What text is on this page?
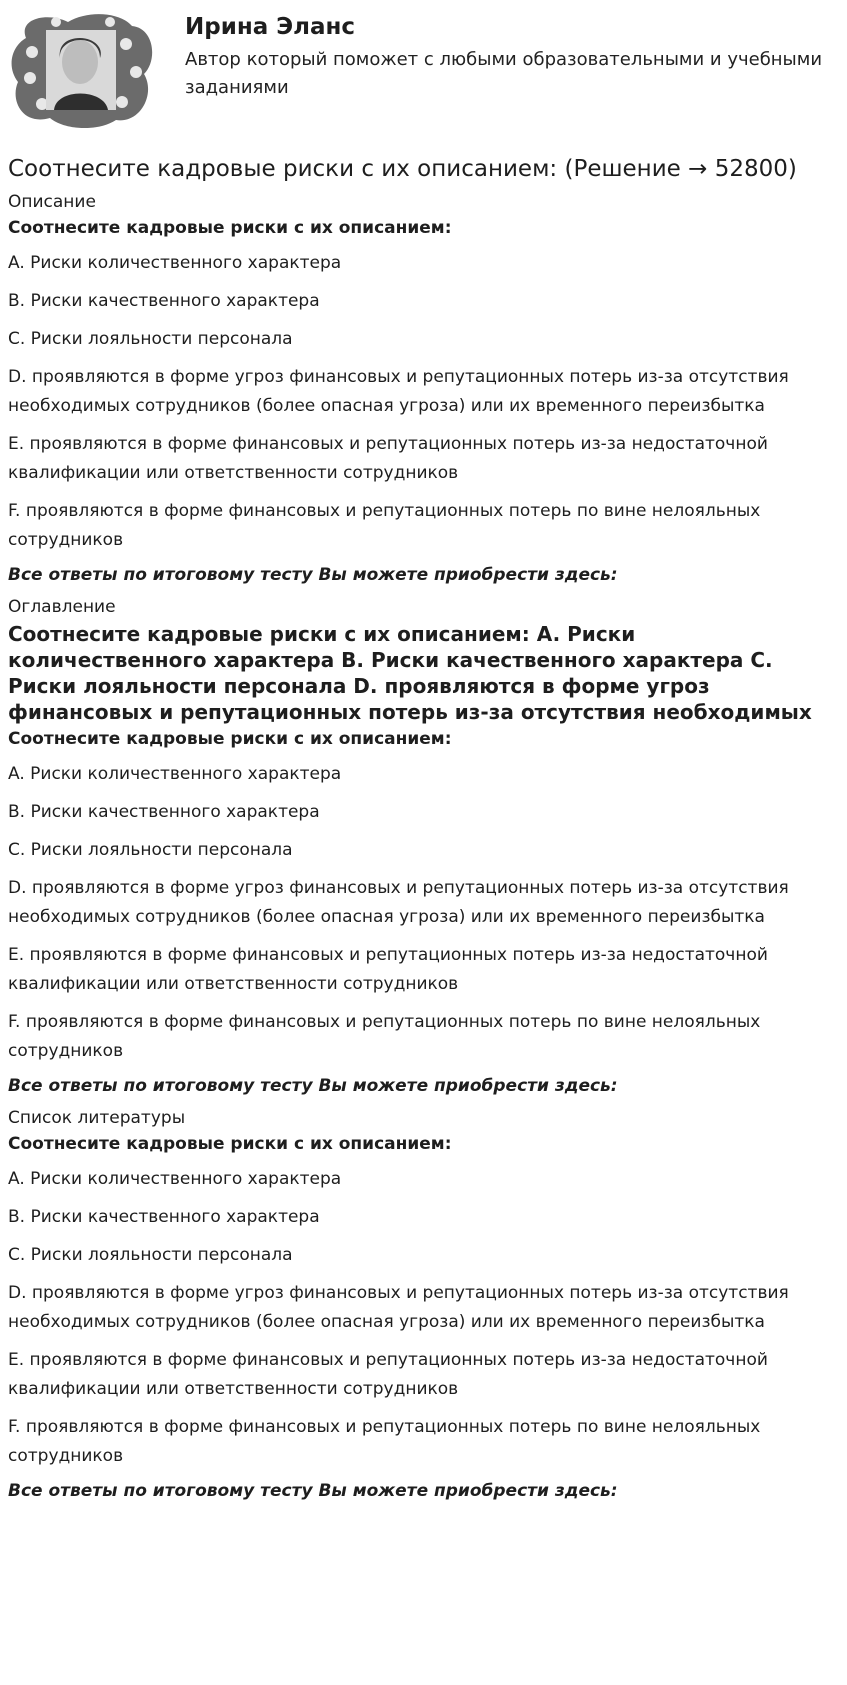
Ирина Эланс
Автор который поможет с любыми образовательными и учебными заданиями
Соотнесите кадровые риски с их описанием: (Решение → 52800)
Описание
Соотнесите кадровые риски с их описанием:
A. Риски количественного характера
B. Риски качественного характера
C. Риски лояльности персонала
D. проявляются в форме угроз финансовых и репутационных потерь из-за отсутствия необходимых сотрудников (более опасная угроза) или их временного переизбытка
E. проявляются в форме финансовых и репутационных потерь из-за недостаточной квалификации или ответственности сотрудников
F. проявляются в форме финансовых и репутационных потерь по вине нелояльных сотрудников
Все ответы по итоговому тесту Вы можете приобрести здесь:
Оглавление
Соотнесите кадровые риски с их описанием: A. Риски количественного характера B. Риски качественного характера C. Риски лояльности персонала D. проявляются в форме угроз финансовых и репутационных потерь из-за отсутствия необходимых
Соотнесите кадровые риски с их описанием:
A. Риски количественного характера
B. Риски качественного характера
C. Риски лояльности персонала
D. проявляются в форме угроз финансовых и репутационных потерь из-за отсутствия необходимых сотрудников (более опасная угроза) или их временного переизбытка
E. проявляются в форме финансовых и репутационных потерь из-за недостаточной квалификации или ответственности сотрудников
F. проявляются в форме финансовых и репутационных потерь по вине нелояльных сотрудников
Все ответы по итоговому тесту Вы можете приобрести здесь:
Список литературы
Соотнесите кадровые риски с их описанием:
A. Риски количественного характера
B. Риски качественного характера
C. Риски лояльности персонала
D. проявляются в форме угроз финансовых и репутационных потерь из-за отсутствия необходимых сотрудников (более опасная угроза) или их временного переизбытка
E. проявляются в форме финансовых и репутационных потерь из-за недостаточной квалификации или ответственности сотрудников
F. проявляются в форме финансовых и репутационных потерь по вине нелояльных сотрудников
Все ответы по итоговому тесту Вы можете приобрести здесь:
